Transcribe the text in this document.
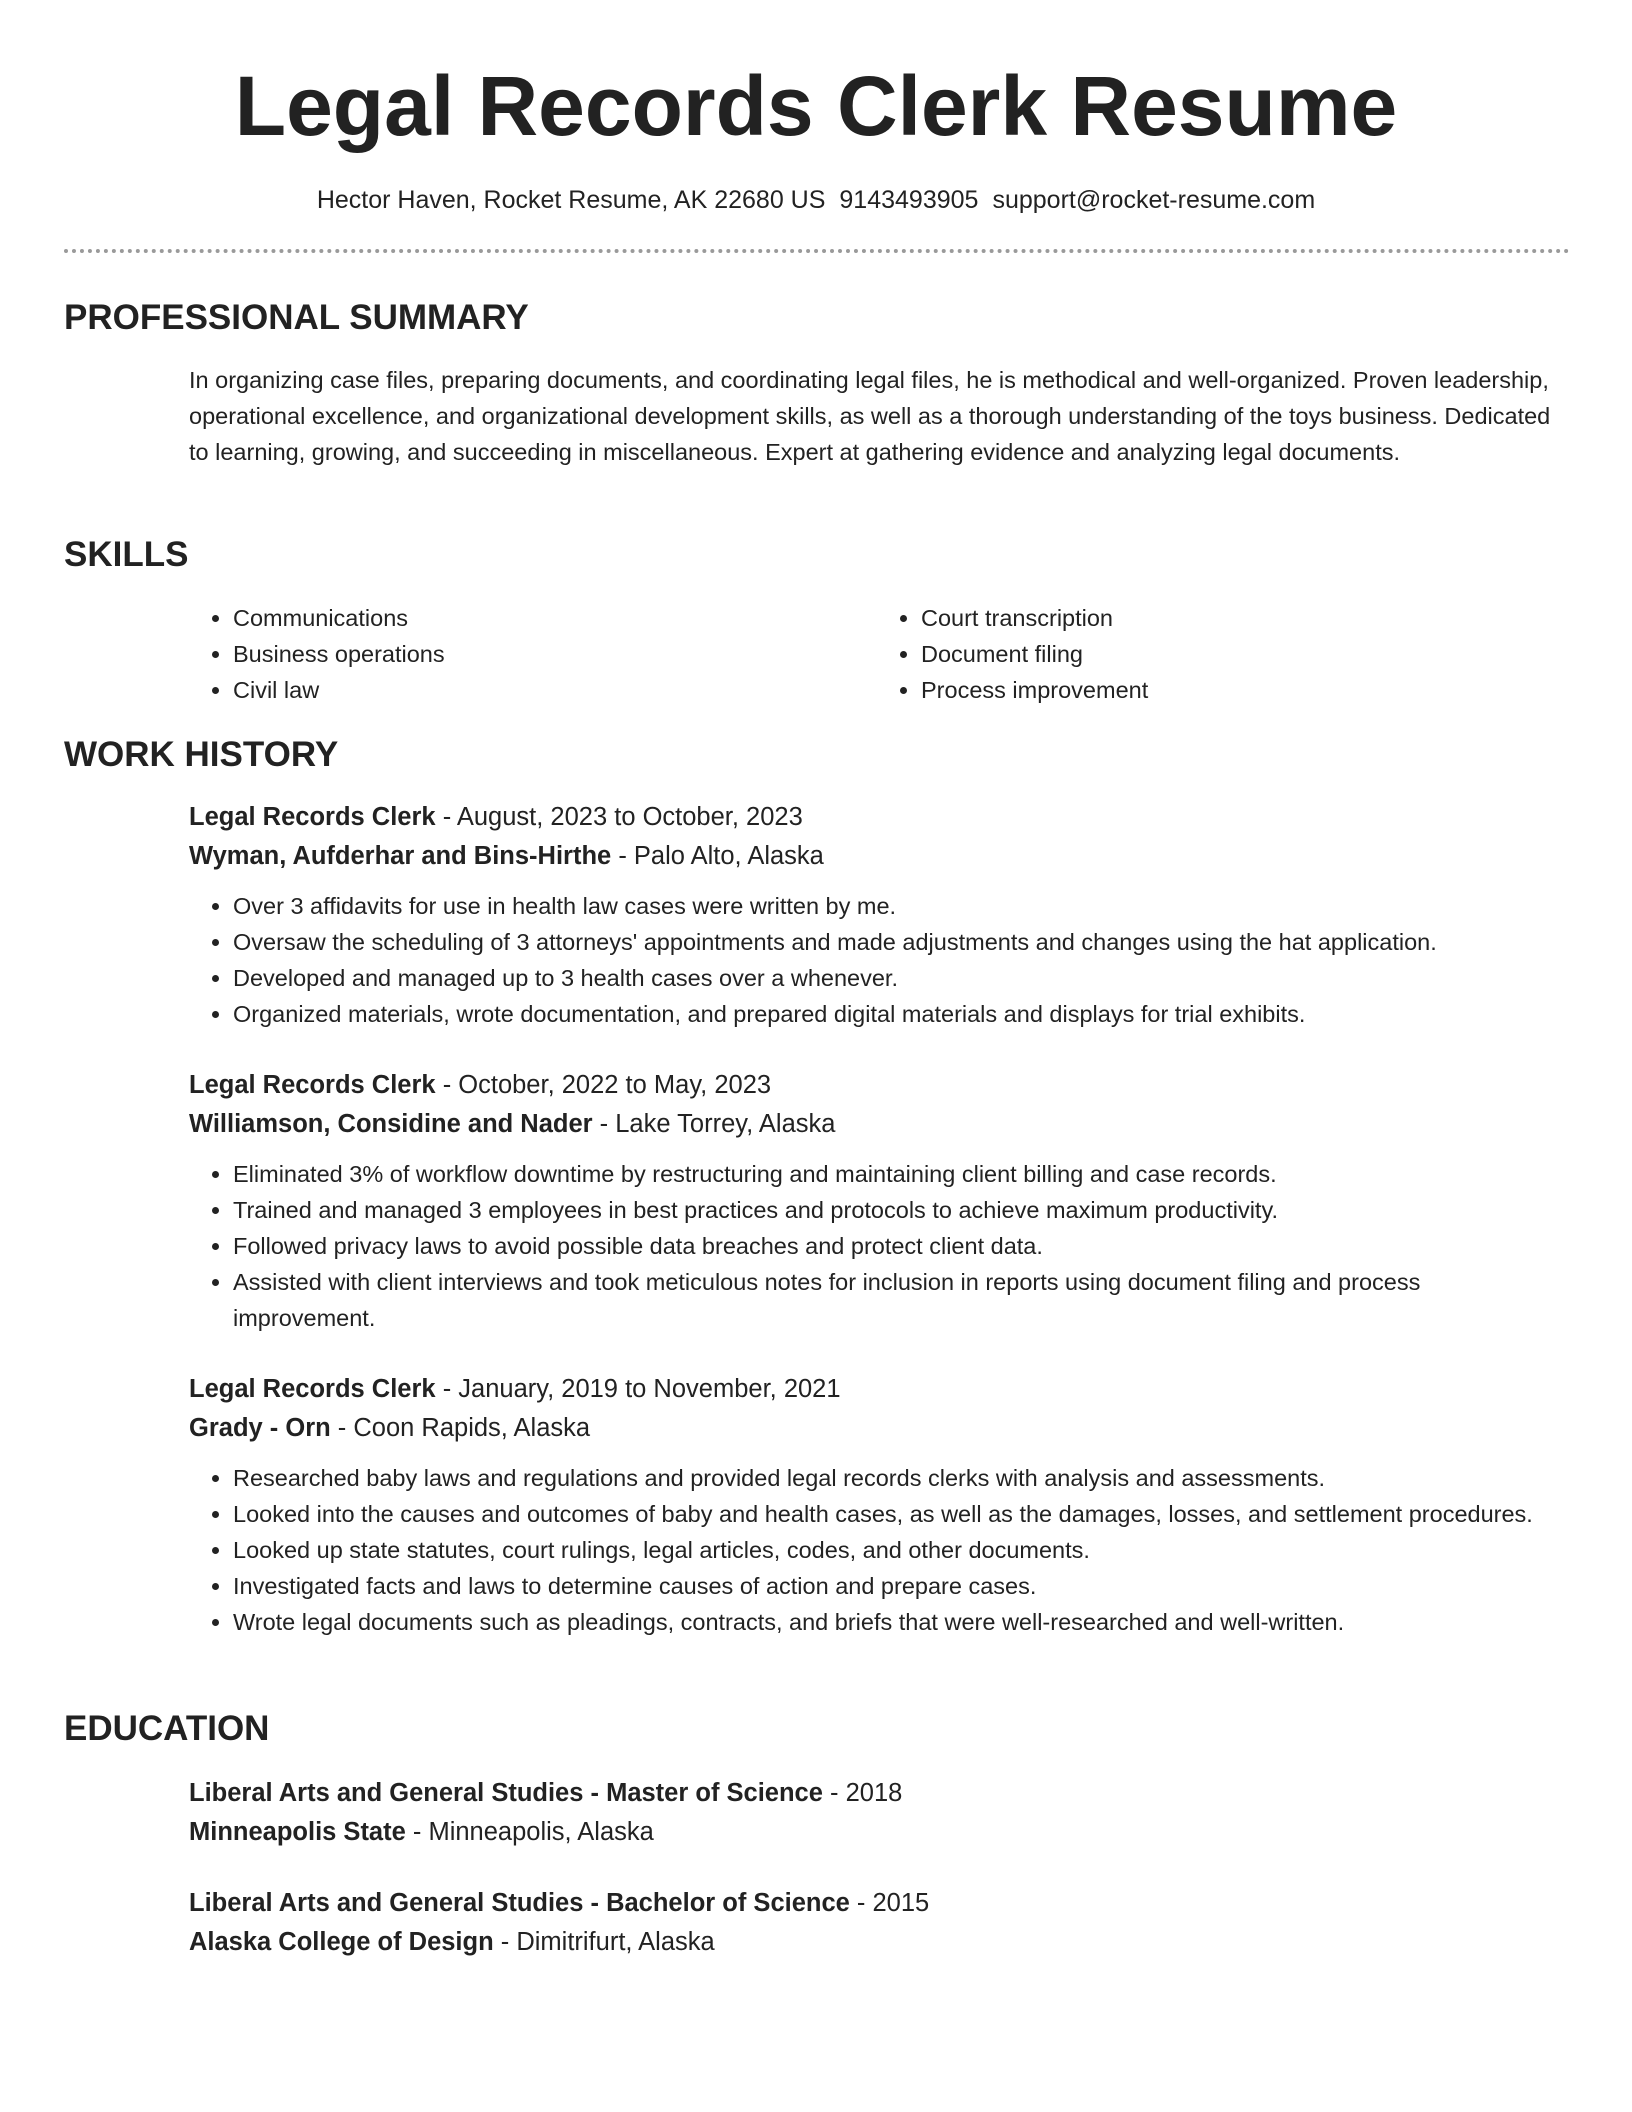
Legal Records Clerk Resume
Hector Haven, Rocket Resume, AK 22680 US 9143493905 support@rocket-resume.com
PROFESSIONAL SUMMARY

In organizing case files, preparing documents, and coordinating legal files, he is methodical and well-organized. Proven leadership, operational excellence, and organizational development skills, as well as a thorough understanding of the toys business. Dedicated to learning, growing, and succeeding in miscellaneous. Expert at gathering evidence and analyzing legal documents.

SKILLS
• Communications
• Business operations
• Civil law
• Court transcription
• Document filing
• Process improvement
WORK HISTORY

Legal Records Clerk - August, 2023 to October, 2023

Wyman, Aufderhar and Bins-Hirthe - Palo Alto, Alaska

• Over 3 affidavits for use in health law cases were written by me.
• Oversaw the scheduling of 3 attorneys' appointments and made adjustments and changes using the hat application.
• Developed and managed up to 3 health cases over a whenever.
• Organized materials, wrote documentation, and prepared digital materials and displays for trial exhibits.

Legal Records Clerk - October, 2022 to May, 2023

Williamson, Considine and Nader - Lake Torrey, Alaska

• Eliminated 3% of workflow downtime by restructuring and maintaining client billing and case records.
• Trained and managed 3 employees in best practices and protocols to achieve maximum productivity.
• Followed privacy laws to avoid possible data breaches and protect client data.
• Assisted with client interviews and took meticulous notes for inclusion in reports using document filing and process improvement.

Legal Records Clerk - January, 2019 to November, 2021

Grady - Orn - Coon Rapids, Alaska

• Researched baby laws and regulations and provided legal records clerks with analysis and assessments.
• Looked into the causes and outcomes of baby and health cases, as well as the damages, losses, and settlement procedures.
• Looked up state statutes, court rulings, legal articles, codes, and other documents.
• Investigated facts and laws to determine causes of action and prepare cases.
• Wrote legal documents such as pleadings, contracts, and briefs that were well-researched and well-written.
EDUCATION

Liberal Arts and General Studies - Master of Science - 2018

Minneapolis State - Minneapolis, Alaska

Liberal Arts and General Studies - Bachelor of Science - 2015

Alaska College of Design - Dimitrifurt, Alaska
